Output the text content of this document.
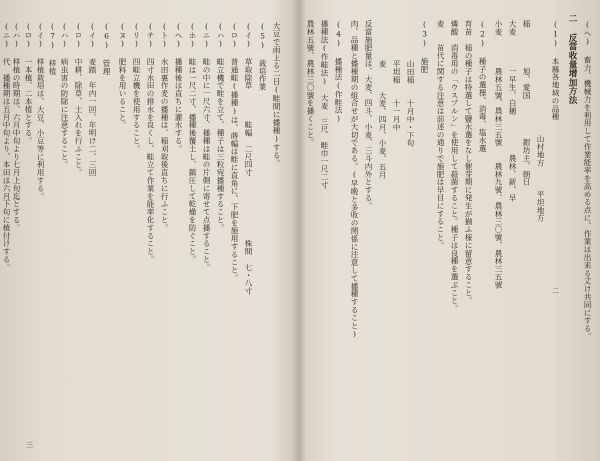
二	(ヘ) 畜力、機械力を利用して作業能率を高める点に、作業は出来る丈け共同にする。
二 反當收量增加方法
(1) 本縣各地域の品種
山村地方　　　平坦地方
稲　　　　　旭、愛国　　　　　銀坊主、朝日
大麦　　　　一早生、白穂　　　　　農林、新、早
小麦　　　　農林五號、農林三五號　　農林九號、農林三〇號、農林三五號
(2) 種子の選擇、消毒、塩水選
育苗　稲の種子は特選して鹽水選をなし催芽期に発生が揃ふ様に留意すること。
燐酸　消毒用の「ウスプルン」を使用して殺菌すること。種子は良種を選ぶこと。
麦　　苗代に関する注意は前述の通りで施肥は早目にすること。
(3) 施肥
山田稲　　十月中・下旬
平坦稲　　十一月中
麦　　　大麦、四月、小麦、五月
反當施肥量は、大麦、四斗、小麦、三斗内外とする。
肉、品種と播種期の組合せが大切である。(早晩と多收の関係に注意して播種すること)
(4) 播種法(作畦法)
播種法(作畦法)　大麦　三尺　畦巾一尺二寸
農林五號、農林三〇號を播くこと。
三
大豆で雨上る二日(畦間に播種)する。
(5) 栽培作業
(イ) 草取除草　　　　畦幅　二尺四寸　　　　　　　　株間　七・八寸
(ロ) 普通畦(播種)は、蒔幅は畦に直角に、下肥を施用すること。
(ハ) 畦立機で畦を立て、種子は三粒宛播種すること。
(ニ) 畦の中に一尺六寸、播種は畦の片側に寄せて点播すること。
(ホ) 畦は一尺二寸、播種後覆土し、鎮圧して乾燥を防ぐこと。
(ヘ) 播種後は直ちに灌水する。
(ト) 水田裏作麦の播種は、稲刈取後直ちに行ふこと。
(チ) 四寸水田の排水を良くし、畦立て作業を能率化すること。
(リ) 四畦立機を使用すること。
(ヌ) 肥料を用いること。
(6) 管理
(イ) 麦踏　年内一回、年明け二、三回
(ロ) 中耕、除草、土入れを行ふこと。
(ハ) 病虫害の防除に注意すること。
(7) 移植
(イ) 移植栽培は、大豆、小豆等に利用する。
(ロ) 一本植、二本植とする。
(ハ) 移植の時期は、六月中旬より七月上旬迄とする。
(ニ) 代　播種期は五月中旬より、本田は六月下旬に植付けする。
